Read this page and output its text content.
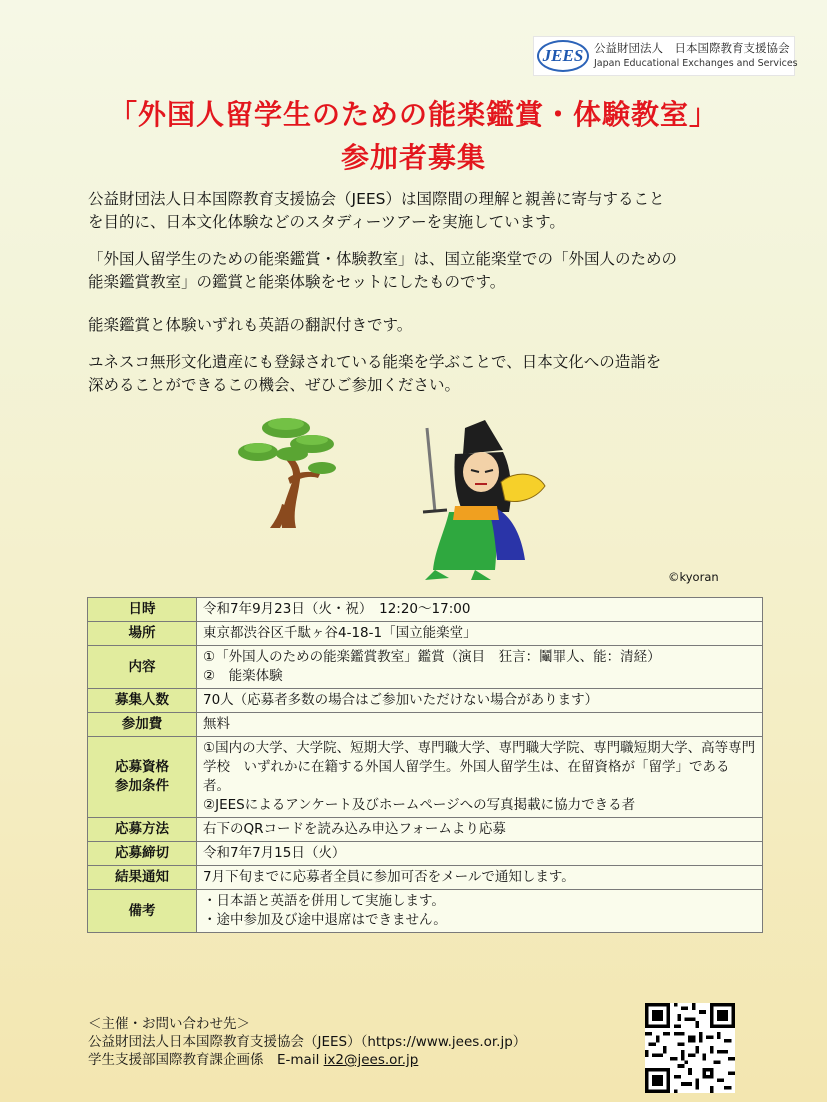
JEES 公益財団法人　日本国際教育支援協会
Japan Educational Exchanges and Services
「外国人留学生のための能楽鑑賞・体験教室」
参加者募集
公益財団法人日本国際教育支援協会（JEES）は国際間の理解と親善に寄与すること
を目的に、日本文化体験などのスタディーツアーを実施しています。
「外国人留学生のための能楽鑑賞・体験教室」は、国立能楽堂での「外国人のための
能楽鑑賞教室」の鑑賞と能楽体験をセットにしたものです。
能楽鑑賞と体験いずれも英語の翻訳付きです。
ユネスコ無形文化遺産にも登録されている能楽を学ぶことで、日本文化への造詣を
深めることができるこの機会、ぜひご参加ください。
©kyoran
日時	令和7年9月23日（火・祝）　12:20～17:00
場所	東京都渋谷区千駄ヶ谷4-18-1「国立能楽堂」
内容	①「外国人のための能楽鑑賞教室」鑑賞（演目　狂言：鬮罪人、能：清経）
②　能楽体験
募集人数	70人（応募者多数の場合はご参加いただけない場合があります）
参加費	無料
応募資格
参加条件	①国内の大学、大学院、短期大学、専門職大学、専門職大学院、専門職短期大学、高等専門学校　いずれかに在籍する外国人留学生。外国人留学生は、在留資格が「留学」である者。
②JEESによるアンケート及びホームページへの写真掲載に協力できる者
応募方法	右下のQRコードを読み込み申込フォームより応募
応募締切	令和7年7月15日（火）
結果通知	7月下旬までに応募者全員に参加可否をメールで通知します。
備考	・日本語と英語を併用して実施します。
・途中参加及び途中退席はできません。
＜主催・お問い合わせ先＞
公益財団法人日本国際教育支援協会（JEES）（https://www.jees.or.jp）
学生支援部国際教育課企画係　E-mail ix2@jees.or.jp
